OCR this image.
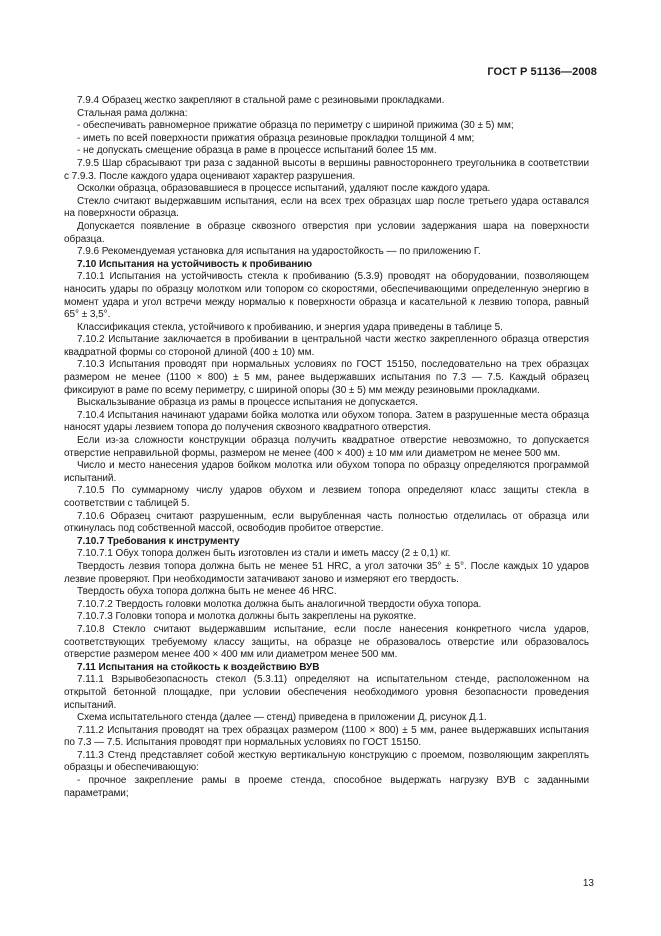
ГОСТ Р 51136—2008

7.9.4 Образец жестко закрепляют в стальной раме с резиновыми прокладками.

Стальная рама должна:

- обеспечивать равномерное прижатие образца по периметру с шириной прижима (30 ± 5) мм;

- иметь по всей поверхности прижатия образца резиновые прокладки толщиной 4 мм;

- не допускать смещение образца в раме в процессе испытаний более 15 мм.

7.9.5 Шар сбрасывают три раза с заданной высоты в вершины равностороннего треугольника в соответствии с 7.9.3. После каждого удара оценивают характер разрушения.

Осколки образца, образовавшиеся в процессе испытаний, удаляют после каждого удара.

Стекло считают выдержавшим испытания, если на всех трех образцах шар после третьего удара оставался на поверхности образца.

Допускается появление в образце сквозного отверстия при условии задержания шара на поверхности образца.

7.9.6 Рекомендуемая установка для испытания на ударостойкость — по приложению Г.

7.10 Испытания на устойчивость к пробиванию

7.10.1 Испытания на устойчивость стекла к пробиванию (5.3.9) проводят на оборудовании, позволяющем наносить удары по образцу молотком или топором со скоростями, обеспечивающими определенную энергию в момент удара и угол встречи между нормалью к поверхности образца и касательной к лезвию топора, равный 65° ± 3,5°.

Классификация стекла, устойчивого к пробиванию, и энергия удара приведены в таблице 5.

7.10.2 Испытание заключается в пробивании в центральной части жестко закрепленного образца отверстия квадратной формы со стороной длиной (400 ± 10) мм.

7.10.3 Испытания проводят при нормальных условиях по ГОСТ 15150, последовательно на трех образцах размером не менее (1100 × 800) ± 5 мм, ранее выдержавших испытания по 7.3 — 7.5. Каждый образец фиксируют в раме по всему периметру, с шириной опоры (30 ± 5) мм между резиновыми прокладками.

Выскальзывание образца из рамы в процессе испытания не допускается.

7.10.4 Испытания начинают ударами бойка молотка или обухом топора. Затем в разрушенные места образца наносят удары лезвием топора до получения сквозного квадратного отверстия.

Если из-за сложности конструкции образца получить квадратное отверстие невозможно, то допускается отверстие неправильной формы, размером не менее (400 × 400) ± 10 мм или диаметром не менее 500 мм.

Число и место нанесения ударов бойком молотка или обухом топора по образцу определяются программой испытаний.

7.10.5 По суммарному числу ударов обухом и лезвием топора определяют класс защиты стекла в соответствии с таблицей 5.

7.10.6 Образец считают разрушенным, если вырубленная часть полностью отделилась от образца или откинулась под собственной массой, освободив пробитое отверстие.

7.10.7 Требования к инструменту

7.10.7.1 Обух топора должен быть изготовлен из стали и иметь массу (2 ± 0,1) кг.

Твердость лезвия топора должна быть не менее 51 HRC, а угол заточки 35° ± 5°. После каждых 10 ударов лезвие проверяют. При необходимости затачивают заново и измеряют его твердость.

Твердость обуха топора должна быть не менее 46 HRC.

7.10.7.2 Твердость головки молотка должна быть аналогичной твердости обуха топора.

7.10.7.3 Головки топора и молотка должны быть закреплены на рукоятке.

7.10.8 Стекло считают выдержавшим испытание, если после нанесения конкретного числа ударов, соответствующих требуемому классу защиты, на образце не образовалось отверстие или образовалось отверстие размером менее 400 × 400 мм или диаметром менее 500 мм.

7.11 Испытания на стойкость к воздействию ВУВ

7.11.1 Взрывобезопасность стекол (5.3.11) определяют на испытательном стенде, расположенном на открытой бетонной площадке, при условии обеспечения необходимого уровня безопасности проведения испытаний.

Схема испытательного стенда (далее — стенд) приведена в приложении Д, рисунок Д.1.

7.11.2 Испытания проводят на трех образцах размером (1100 × 800) ± 5 мм, ранее выдержавших испытания по 7.3 — 7.5. Испытания проводят при нормальных условиях по ГОСТ 15150.

7.11.3 Стенд представляет собой жесткую вертикальную конструкцию с проемом, позволяющим закреплять образцы и обеспечивающую:

- прочное закрепление рамы в проеме стенда, способное выдержать нагрузку ВУВ с заданными параметрами;

13
